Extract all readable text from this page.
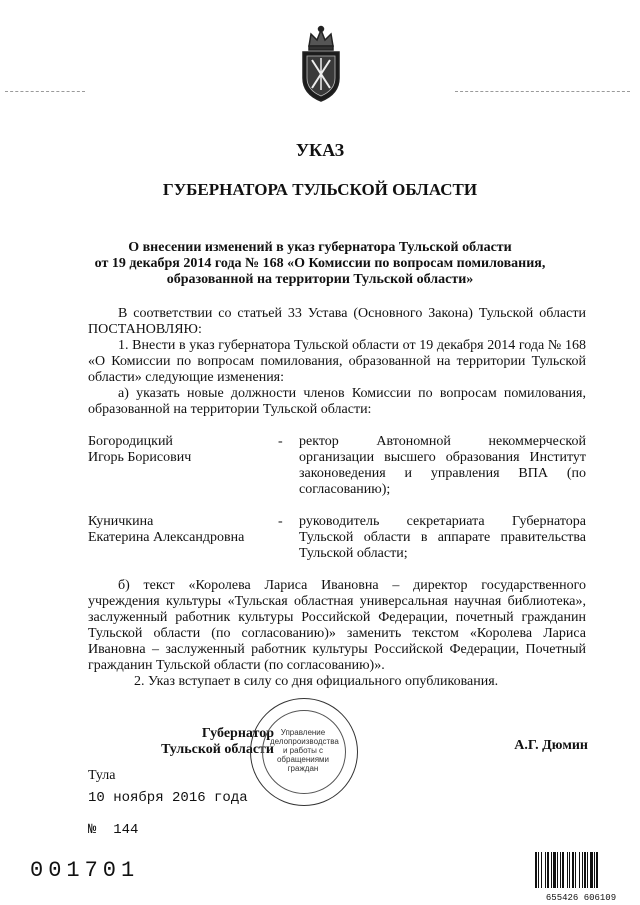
УКАЗ
ГУБЕРНАТОРА ТУЛЬСКОЙ ОБЛАСТИ
О внесении изменений в указ губернатора Тульской области
от 19 декабря 2014 года № 168 «О Комиссии по вопросам помилования,
образованной на территории Тульской области»

В соответствии со статьей 33 Устава (Основного Закона) Тульской области ПОСТАНОВЛЯЮ:

1. Внести в указ губернатора Тульской области от 19 декабря 2014 года № 168 «О Комиссии по вопросам помилования, образованной на территории Тульской области» следующие изменения:

а) указать новые должности членов Комиссии по вопросам помилования, образованной на территории Тульской области:

Богородицкий
Игорь Борисович
- ректор Автономной некоммерческой организации высшего образования Институт законоведения и управления ВПА (по согласованию);
Куничкина
Екатерина Александровна
- руководитель секретариата Губернатора Тульской области в аппарате правительства Тульской области;

б) текст «Королева Лариса Ивановна – директор государственного учреждения культуры «Тульская областная универсальная научная библиотека», заслуженный работник культуры Российской Федерации, почетный гражданин Тульской области (по согласованию)» заменить текстом «Королева Лариса Ивановна – заслуженный работник культуры Российской Федерации, Почетный гражданин Тульской области (по согласованию)».

2. Указ вступает в силу со дня официального опубликования.

Губернатор
Тульской области
Управление делопроизводства и работы с обращениями граждан
А.Г. Дюмин
Тула
10 ноября 2016 года
№  144
001701
655426 606109
